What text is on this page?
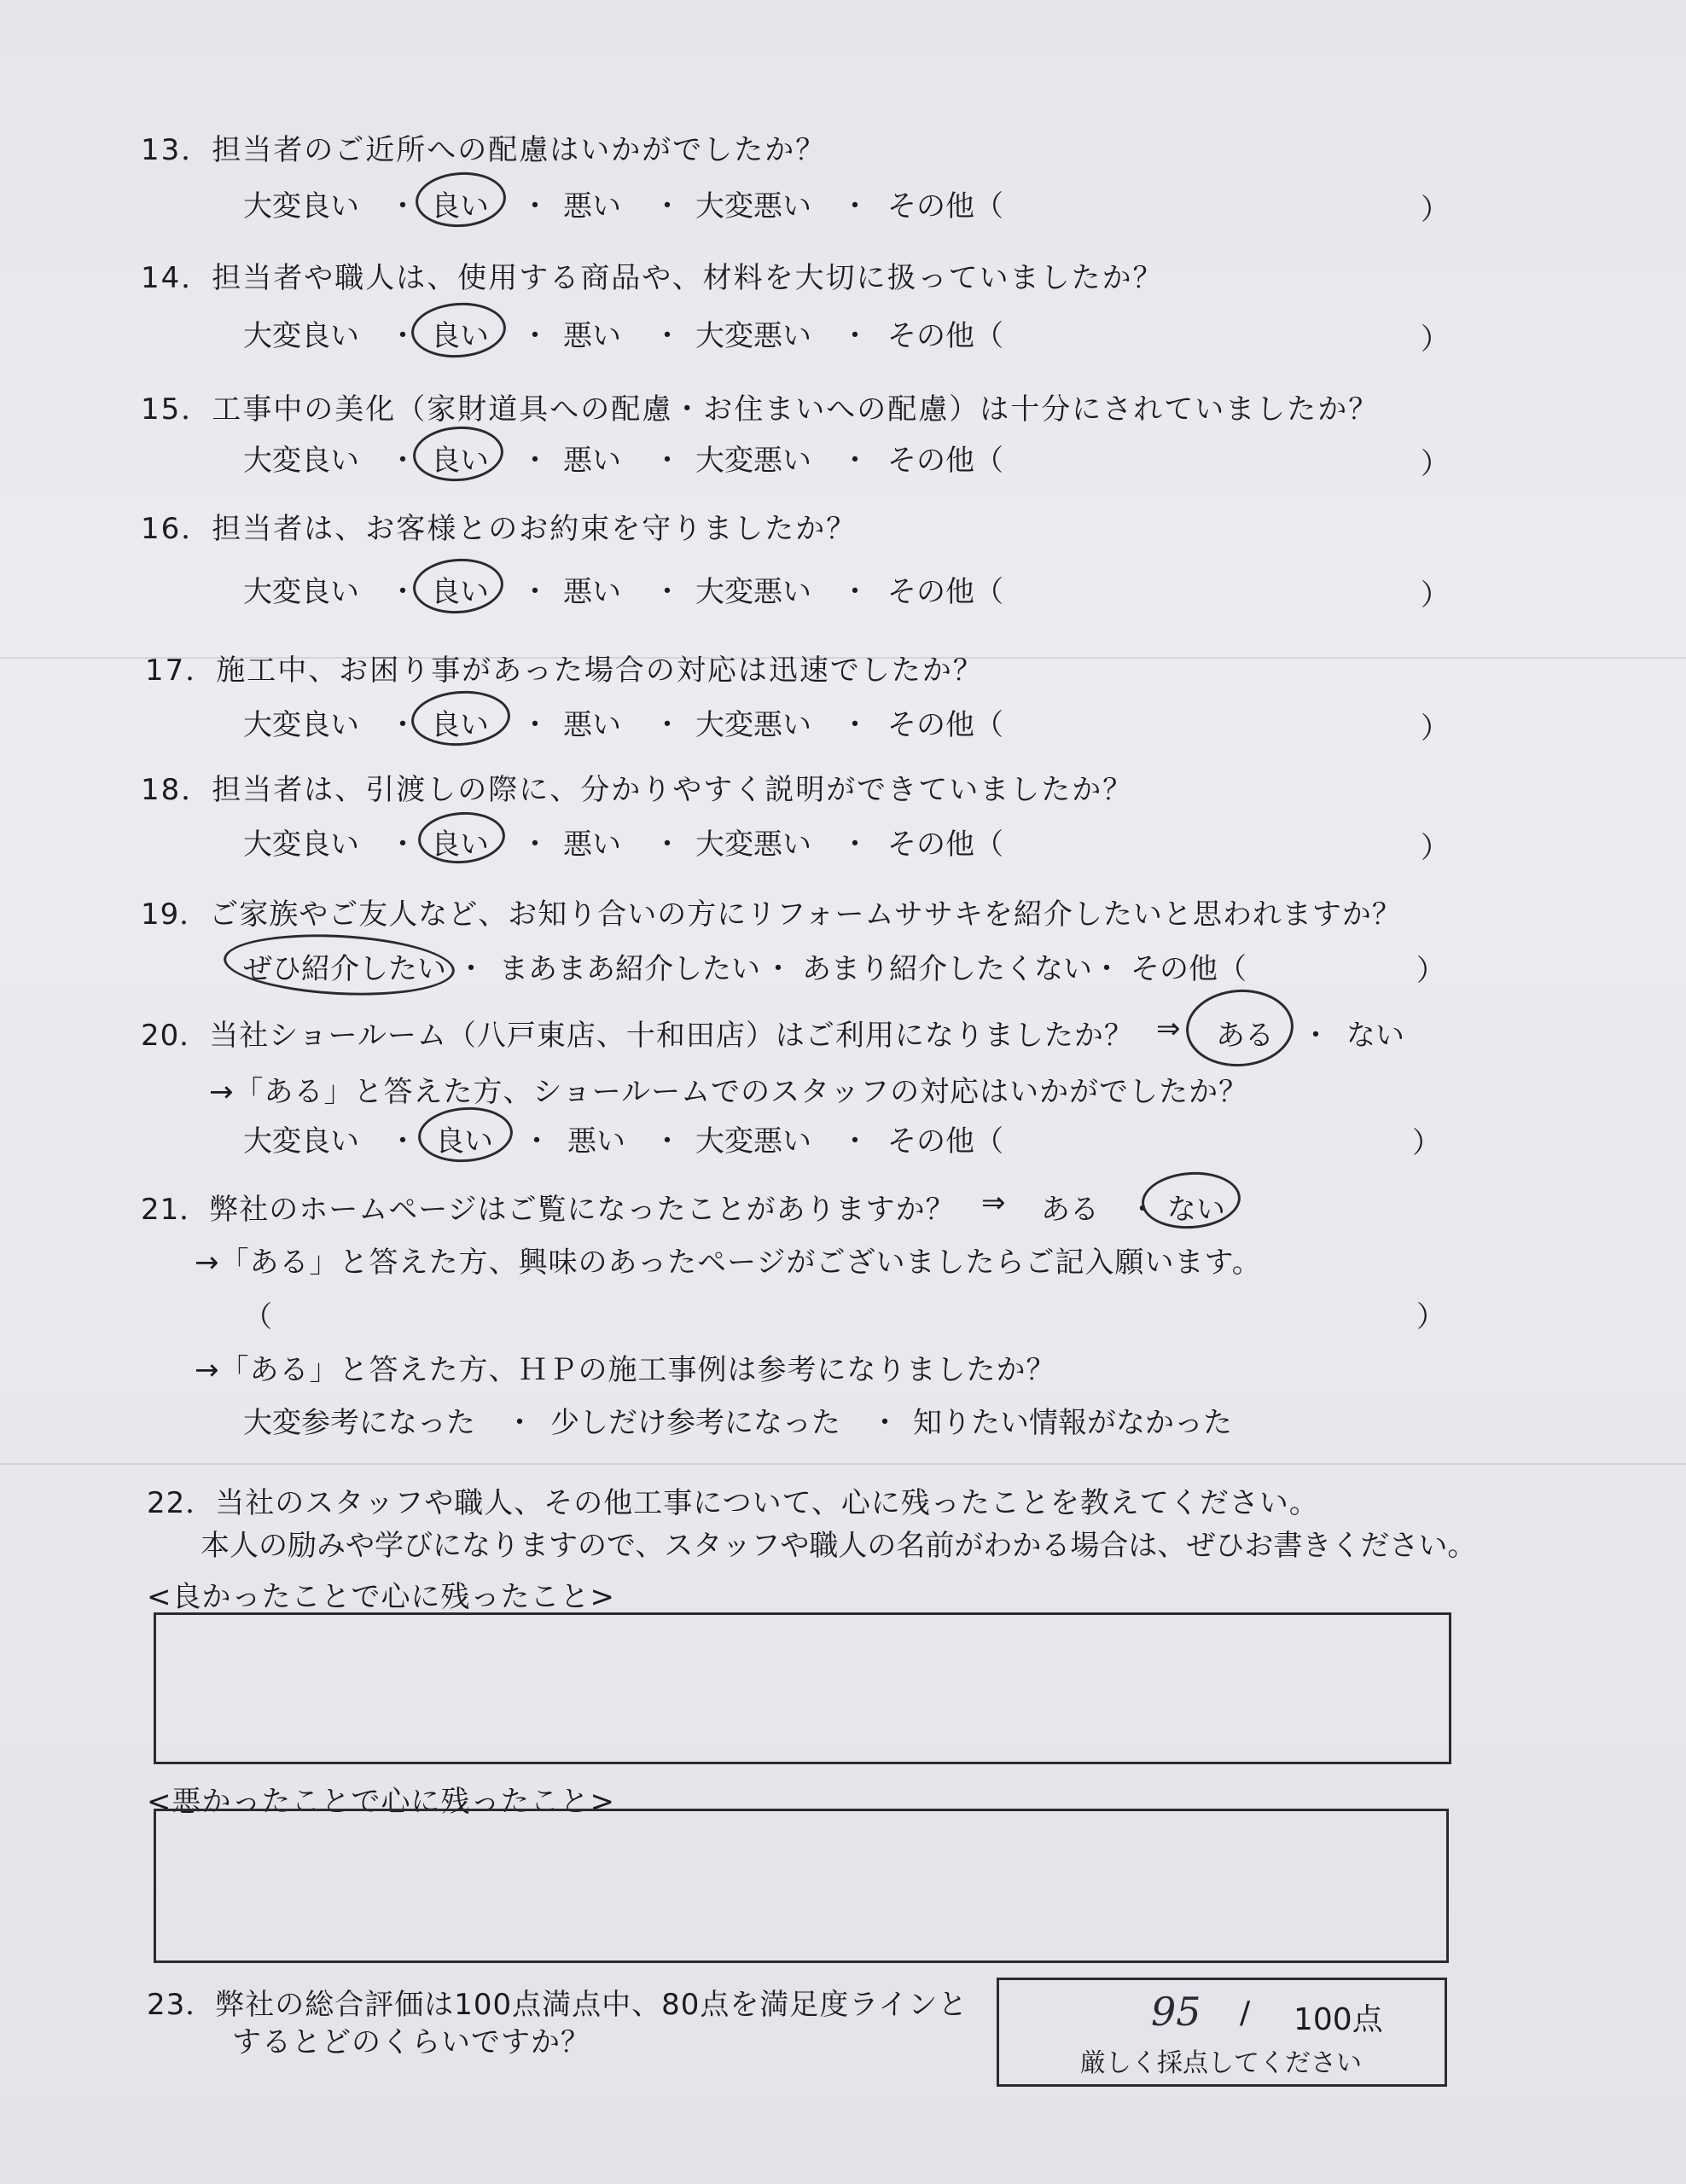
13．担当者のご近所への配慮はいかがでしたか？
大変良い ・ 良い ・ 悪い ・ 大変悪い ・ その他（	）
14．担当者や職人は、使用する商品や、材料を大切に扱っていましたか？
大変良い ・ 良い ・ 悪い ・ 大変悪い ・ その他（	）
15．工事中の美化（家財道具への配慮・お住まいへの配慮）は十分にされていましたか？
大変良い ・ 良い ・ 悪い ・ 大変悪い ・ その他（	）
16．担当者は、お客様とのお約束を守りましたか？
大変良い ・ 良い ・ 悪い ・ 大変悪い ・ その他（	）
17．施工中、お困り事があった場合の対応は迅速でしたか？
大変良い ・ 良い ・ 悪い ・ 大変悪い ・ その他（	）
18．担当者は、引渡しの際に、分かりやすく説明ができていましたか？
大変良い ・ 良い ・ 悪い ・ 大変悪い ・ その他（	）
19．ご家族やご友人など、お知り合いの方にリフォームササキを紹介したいと思われますか？
ぜひ紹介したい ・ まあまあ紹介したい ・ あまり紹介したくない ・ その他（	）
20．当社ショールーム（八戸東店、十和田店）はご利用になりましたか？ ⇒ ある ・ ない
→「ある」と答えた方、ショールームでのスタッフの対応はいかがでしたか？
大変良い ・ 良い ・ 悪い ・ 大変悪い ・ その他（	）
21．弊社のホームページはご覧になったことがありますか？ ⇒ ある ・ ない
→「ある」と答えた方、興味のあったページがございましたらご記入願います。
（	）
→「ある」と答えた方、ＨＰの施工事例は参考になりましたか？
大変参考になった ・ 少しだけ参考になった ・ 知りたい情報がなかった
22．当社のスタッフや職人、その他工事について、心に残ったことを教えてください。
本人の励みや学びになりますので、スタッフや職人の名前がわかる場合は、ぜひお書きください。
<良かったことで心に残ったこと>
<悪かったことで心に残ったこと>
23．弊社の総合評価は100点満点中、80点を満足度ラインと
するとどのくらいですか？
95 / 100点
厳しく採点してください
